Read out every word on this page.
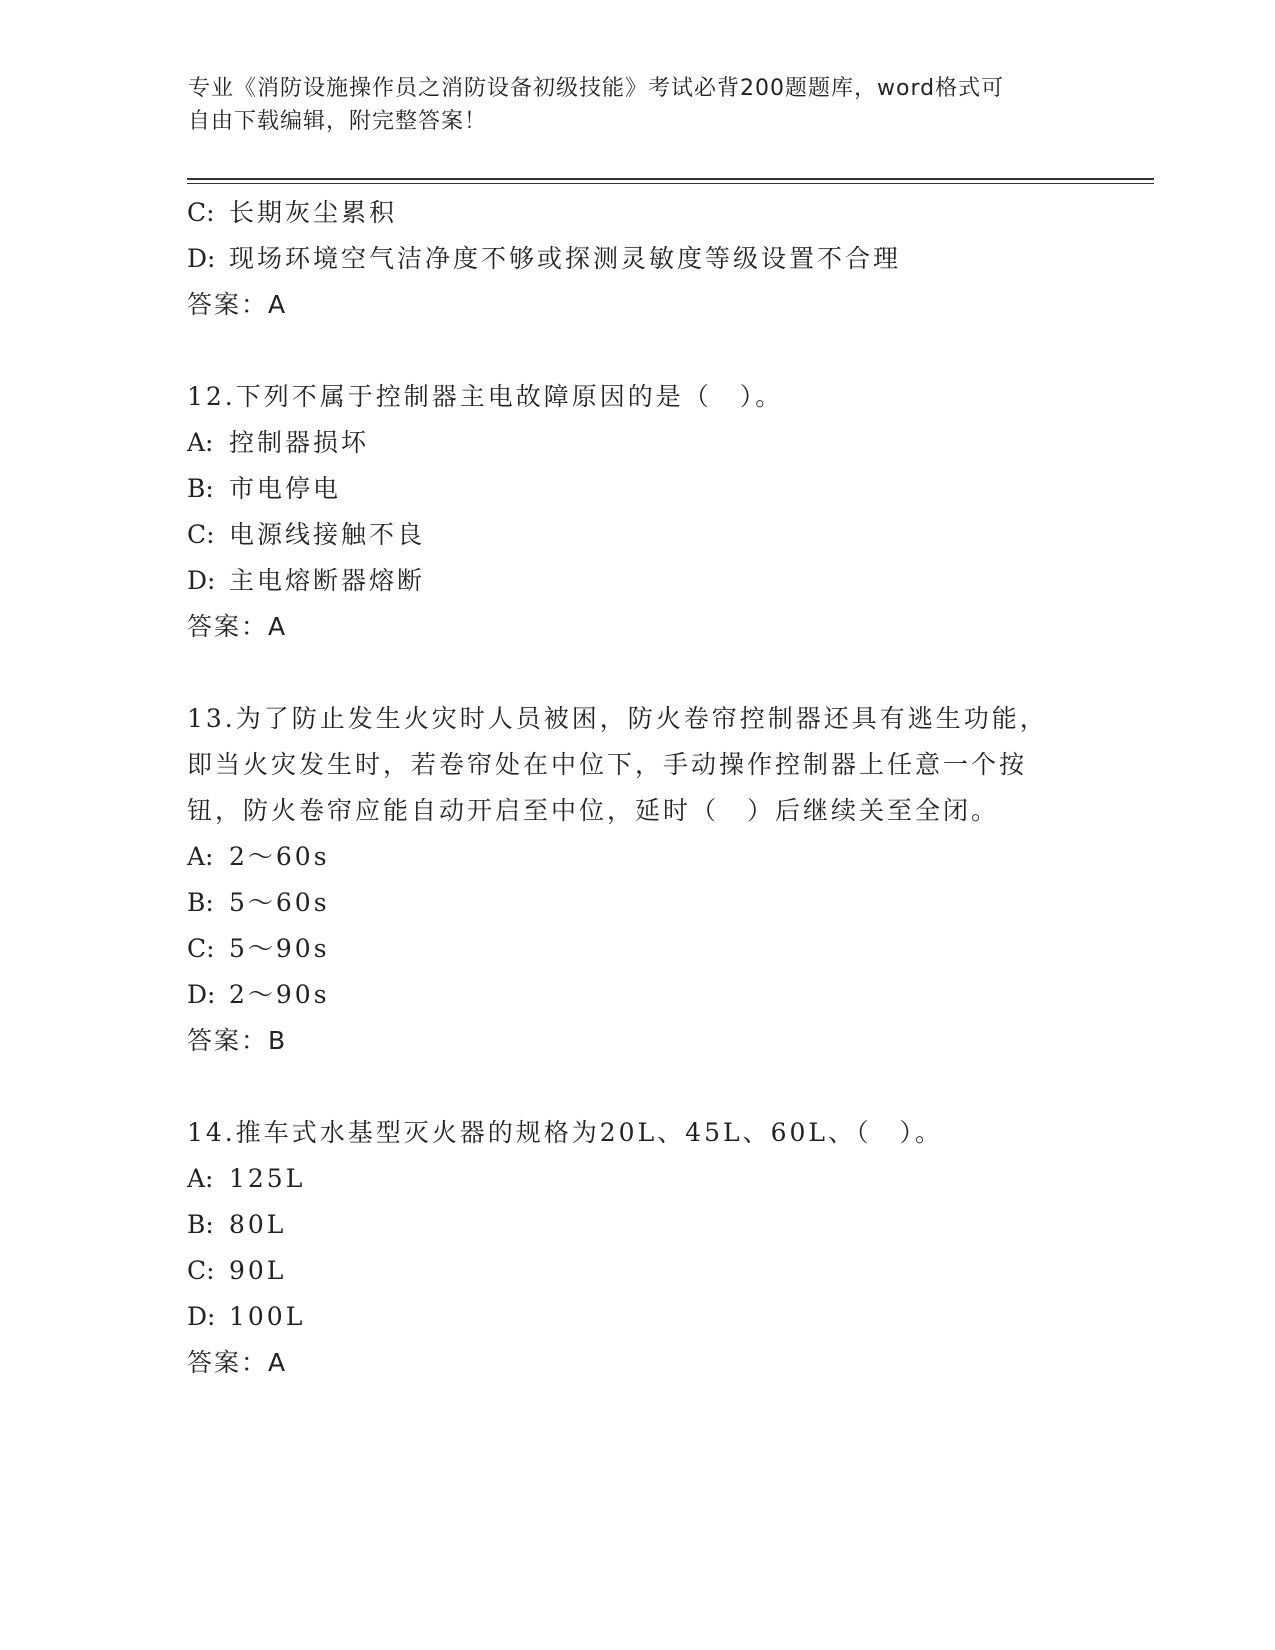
专业《消防设施操作员之消防设备初级技能》考试必背200题题库，word格式可
自由下载编辑，附完整答案！
C: 长期灰尘累积
D: 现场环境空气洁净度不够或探测灵敏度等级设置不合理
答案：A
12.下列不属于控制器主电故障原因的是（　）。
A: 控制器损坏
B: 市电停电
C: 电源线接触不良
D: 主电熔断器熔断
答案：A
13.为了防止发生火灾时人员被困，防火卷帘控制器还具有逃生功能，
即当火灾发生时，若卷帘处在中位下，手动操作控制器上任意一个按
钮，防火卷帘应能自动开启至中位，延时（　）后继续关至全闭。
A: 2～60s
B: 5～60s
C: 5～90s
D: 2～90s
答案：B
14.推车式水基型灭火器的规格为20L、45L、60L、（　）。
A: 125L
B: 80L
C: 90L
D: 100L
答案：A
